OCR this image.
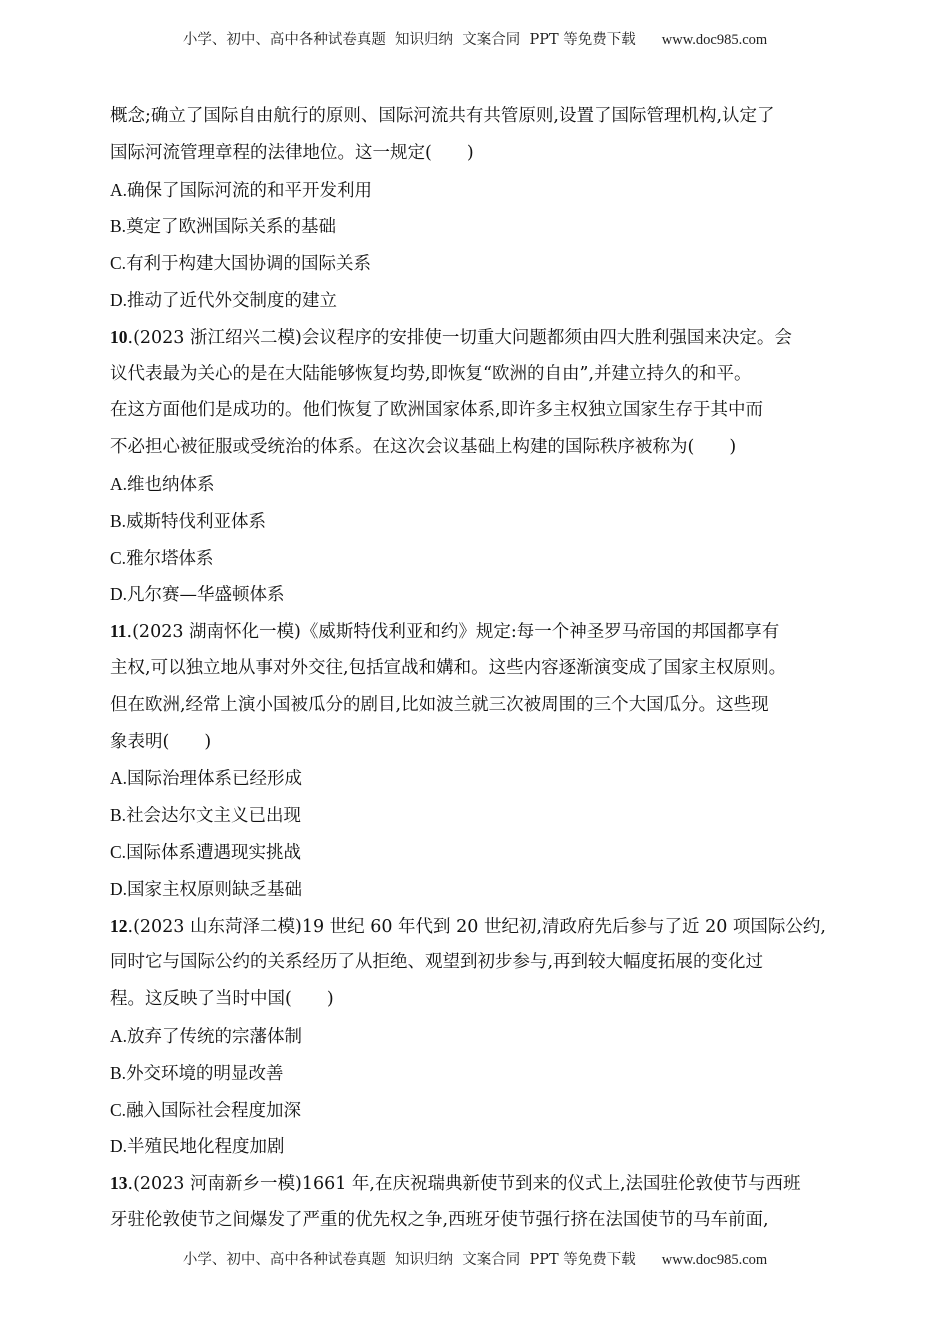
小学、初中、高中各种试卷真题  知识归纳  文案合同  PPT 等免费下载 www.doc985.com
概念;确立了国际自由航行的原则、国际河流共有共管原则,设置了国际管理机构,认定了
国际河流管理章程的法律地位。这一规定(　　)
A.确保了国际河流的和平开发利用
B.奠定了欧洲国际关系的基础
C.有利于构建大国协调的国际关系
D.推动了近代外交制度的建立
10.(2023 浙江绍兴二模)会议程序的安排使一切重大问题都须由四大胜利强国来决定。会
议代表最为关心的是在大陆能够恢复均势,即恢复“欧洲的自由”,并建立持久的和平。
在这方面他们是成功的。他们恢复了欧洲国家体系,即许多主权独立国家生存于其中而
不必担心被征服或受统治的体系。在这次会议基础上构建的国际秩序被称为(　　)
A.维也纳体系
B.威斯特伐利亚体系
C.雅尔塔体系
D.凡尔赛—华盛顿体系
11.(2023 湖南怀化一模)《威斯特伐利亚和约》规定:每一个神圣罗马帝国的邦国都享有
主权,可以独立地从事对外交往,包括宣战和媾和。这些内容逐渐演变成了国家主权原则。
但在欧洲,经常上演小国被瓜分的剧目,比如波兰就三次被周围的三个大国瓜分。这些现
象表明(　　)
A.国际治理体系已经形成
B.社会达尔文主义已出现
C.国际体系遭遇现实挑战
D.国家主权原则缺乏基础
12.(2023 山东菏泽二模)19 世纪 60 年代到 20 世纪初,清政府先后参与了近 20 项国际公约,
同时它与国际公约的关系经历了从拒绝、观望到初步参与,再到较大幅度拓展的变化过
程。这反映了当时中国(　　)
A.放弃了传统的宗藩体制
B.外交环境的明显改善
C.融入国际社会程度加深
D.半殖民地化程度加剧
13.(2023 河南新乡一模)1661 年,在庆祝瑞典新使节到来的仪式上,法国驻伦敦使节与西班
牙驻伦敦使节之间爆发了严重的优先权之争,西班牙使节强行挤在法国使节的马车前面,
小学、初中、高中各种试卷真题  知识归纳  文案合同  PPT 等免费下载 www.doc985.com
